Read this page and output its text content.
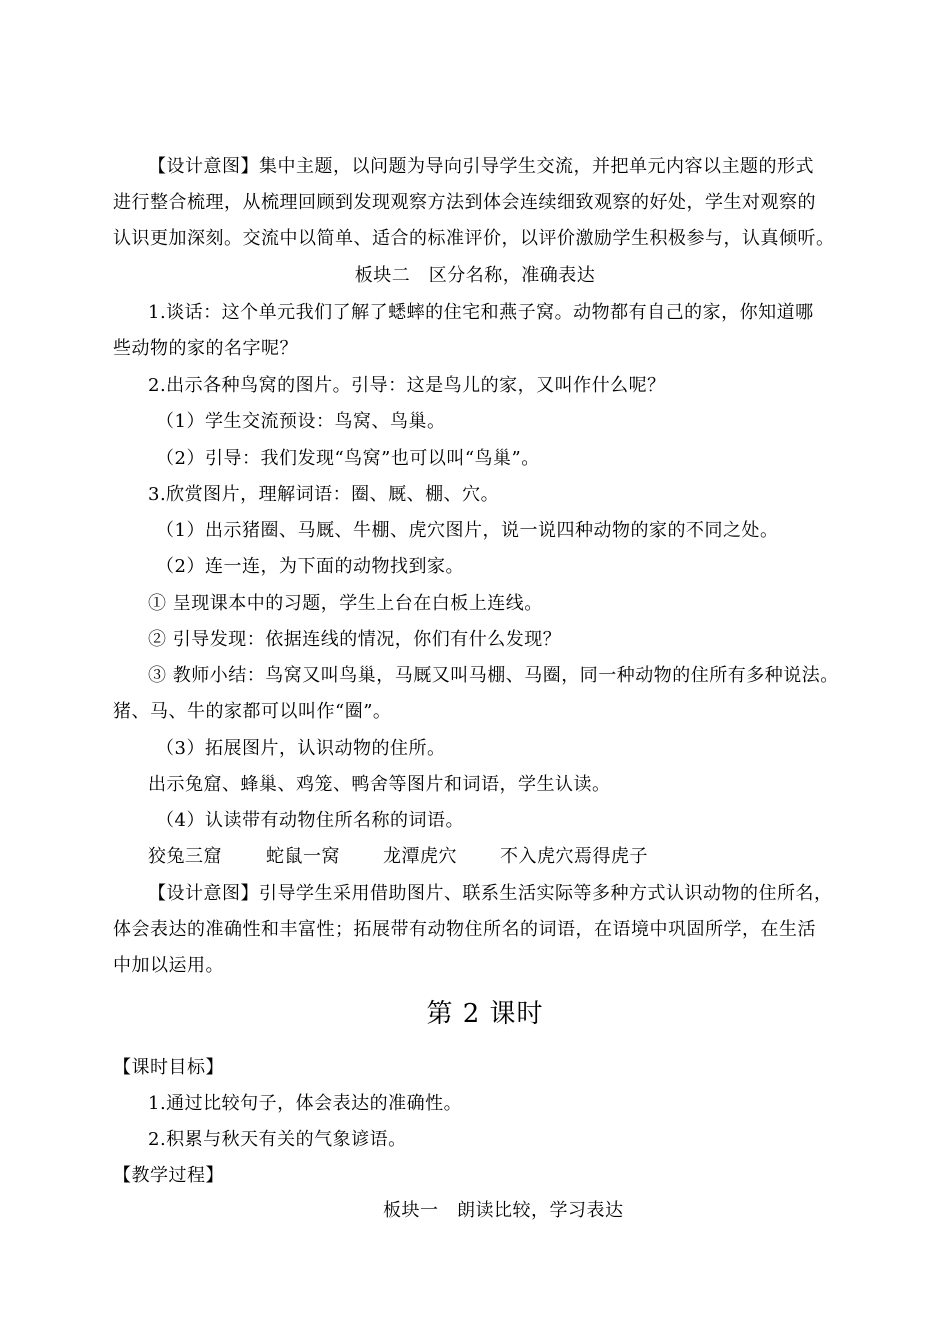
【设计意图】集中主题，以问题为导向引导学生交流，并把单元内容以主题的形式
进行整合梳理，从梳理回顾到发现观察方法到体会连续细致观察的好处，学生对观察的
认识更加深刻。交流中以简单、适合的标准评价，以评价激励学生积极参与，认真倾听。
板块二　区分名称，准确表达
1.谈话：这个单元我们了解了蟋蟀的住宅和燕子窝。动物都有自己的家，你知道哪
些动物的家的名字呢？
2.出示各种鸟窝的图片。引导：这是鸟儿的家，又叫作什么呢？
（1）学生交流预设：鸟窝、鸟巢。
（2）引导：我们发现“鸟窝”也可以叫“鸟巢”。
3.欣赏图片，理解词语：圈、厩、棚、穴。
（1）出示猪圈、马厩、牛棚、虎穴图片，说一说四种动物的家的不同之处。
（2）连一连，为下面的动物找到家。
① 呈现课本中的习题，学生上台在白板上连线。
② 引导发现：依据连线的情况，你们有什么发现？
③ 教师小结：鸟窝又叫鸟巢，马厩又叫马棚、马圈，同一种动物的住所有多种说法。
猪、马、牛的家都可以叫作“圈”。
（3）拓展图片，认识动物的住所。
出示兔窟、蜂巢、鸡笼、鸭舍等图片和词语，学生认读。
（4）认读带有动物住所名称的词语。
狡兔三窟 蛇鼠一窝 龙潭虎穴 不入虎穴焉得虎子
【设计意图】引导学生采用借助图片、联系生活实际等多种方式认识动物的住所名，
体会表达的准确性和丰富性；拓展带有动物住所名的词语，在语境中巩固所学，在生活
中加以运用。
第 2 课时
【课时目标】
1.通过比较句子，体会表达的准确性。
2.积累与秋天有关的气象谚语。
【教学过程】
板块一　朗读比较，学习表达
